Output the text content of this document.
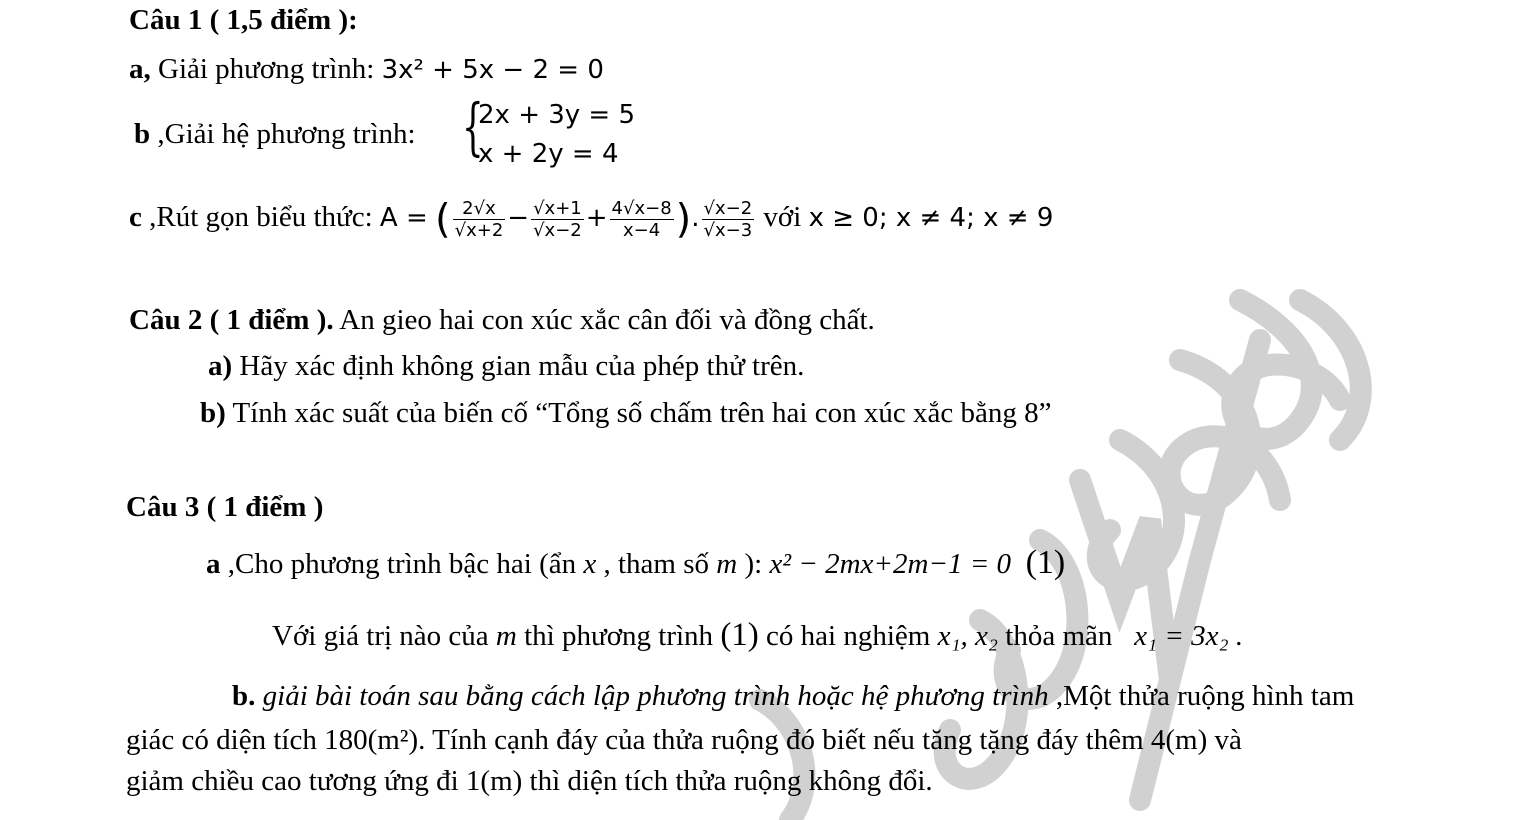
Câu 1 ( 1,5 điểm ):
a, Giải phương trình: 3x² + 5x − 2 = 0
b ,Giải hệ phương trình: {
2x + 3y = 5
x + 2y = 4
c ,Rút gọn biểu thức: A = ( $\frac{2√x}{√x+2} - \frac{√x+1}{√x-2} + \frac{4√x-8}{x-4}$ ). $\frac{√x-2}{√x-3}$ với x ≥ 0; x ≠ 4; x ≠ 9
Câu 2 ( 1 điểm ). An gieo hai con xúc xắc cân đối và đồng chất.
a) Hãy xác định không gian mẫu của phép thử trên.
b) Tính xác suất của biến cố “Tổng số chấm trên hai con xúc xắc bằng 8”
Câu 3 ( 1 điểm )
a ,Cho phương trình bậc hai (ẩn x , tham số m ): x² − 2mx+2m−1 = 0 (1)
Với giá trị nào của m thì phương trình (1) có hai nghiệm x₁, x₂ thỏa mãn   x₁ = 3x₂ .
b. giải bài toán sau bằng cách lập phương trình hoặc hệ phương trình ,Một thửa ruộng hình tam
giác có diện tích 180(m²). Tính cạnh đáy của thửa ruộng đó biết nếu tăng tặng đáy thêm 4(m) và
giảm chiều cao tương ứng đi 1(m) thì diện tích thửa ruộng không đổi.
